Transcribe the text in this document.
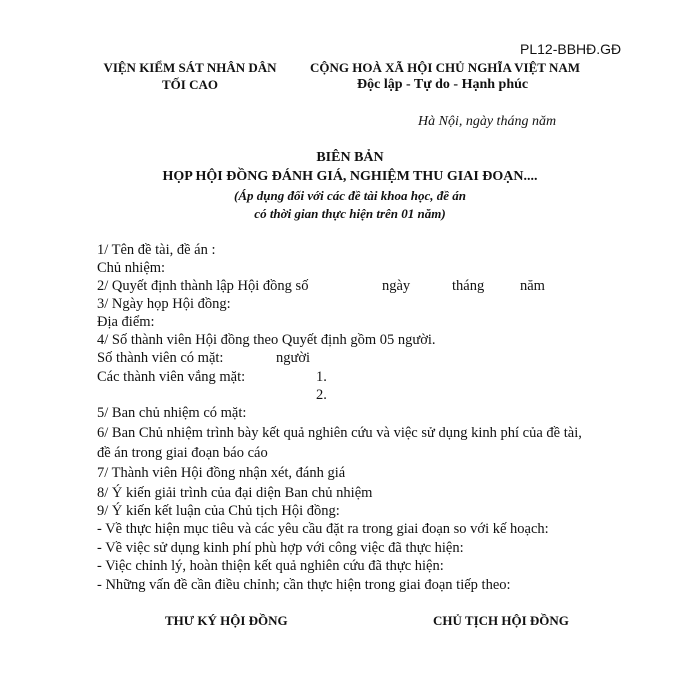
PL12-BBHĐ.GĐ
VIỆN KIỂM SÁT NHÂN DÂN
TỐI CAO
CỘNG HOÀ XÃ HỘI CHỦ NGHĨA VIỆT NAM
Độc lập - Tự do - Hạnh phúc
Hà Nội, ngày tháng năm
BIÊN BẢN
HỌP HỘI ĐỒNG ĐÁNH GIÁ, NGHIỆM THU GIAI ĐOẠN....
(Áp dụng đối với các đề tài khoa học, đề án
có thời gian thực hiện trên 01 năm)
1/ Tên đề tài, đề án :
Chủ nhiệm:
2/ Quyết định thành lập Hội đồng số	ngày	tháng năm
3/ Ngày họp Hội đồng:
Địa điểm:
4/ Số thành viên Hội đồng theo Quyết định gồm 05 người.
Số thành viên có mặt:	người
Các thành viên vắng mặt:	1.
2.
5/ Ban chủ nhiệm có mặt:
6/ Ban Chủ nhiệm trình bày kết quả nghiên cứu và việc sử dụng kinh phí của đề tài,
đề án trong giai đoạn báo cáo
7/ Thành viên Hội đồng nhận xét, đánh giá
8/ Ý kiến giải trình của đại diện Ban chủ nhiệm
9/ Ý kiến kết luận của Chủ tịch Hội đồng:
- Về thực hiện mục tiêu và các yêu cầu đặt ra trong giai đoạn so với kế hoạch:
- Về việc sử dụng kinh phí phù hợp với công việc đã thực hiện:
- Việc chỉnh lý, hoàn thiện kết quả nghiên cứu đã thực hiện:
- Những vấn đề cần điều chỉnh; cần thực hiện trong giai đoạn tiếp theo:
THƯ KÝ HỘI ĐỒNG	CHỦ TỊCH HỘI ĐỒNG
